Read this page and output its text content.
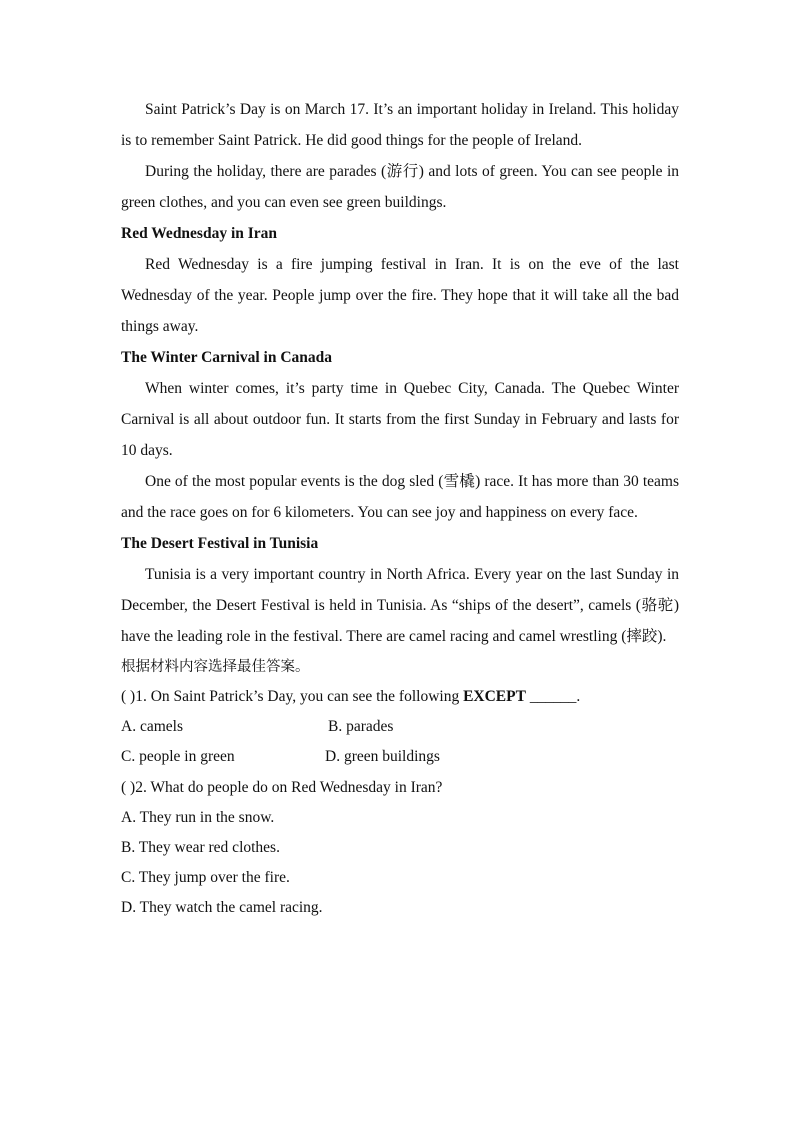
Saint Patrick’s Day is on March 17. It’s an important holiday in Ireland. This holiday is to remember Saint Patrick. He did good things for the people of Ireland.

During the holiday, there are parades (游行) and lots of green. You can see people in green clothes, and you can even see green buildings.

Red Wednesday in Iran

Red Wednesday is a fire jumping festival in Iran. It is on the eve of the last Wednesday of the year. People jump over the fire. They hope that it will take all the bad things away.

The Winter Carnival in Canada

When winter comes, it’s party time in Quebec City, Canada. The Quebec Winter Carnival is all about outdoor fun. It starts from the first Sunday in February and lasts for 10 days.

One of the most popular events is the dog sled (雪橇) race. It has more than 30 teams and the race goes on for 6 kilometers. You can see joy and happiness on every face.

The Desert Festival in Tunisia

Tunisia is a very important country in North Africa. Every year on the last Sunday in December, the Desert Festival is held in Tunisia. As “ships of the desert”, camels (骆驼) have the leading role in the festival. There are camel racing and camel wrestling (摔跤).

根据材料内容选择最佳答案。

( )1. On Saint Patrick’s Day, you can see the following EXCEPT ______.

A. camels	B. parades
C. people in green	D. green buildings

( )2. What do people do on Red Wednesday in Iran?

A. They run in the snow.

B. They wear red clothes.

C. They jump over the fire.

D. They watch the camel racing.
